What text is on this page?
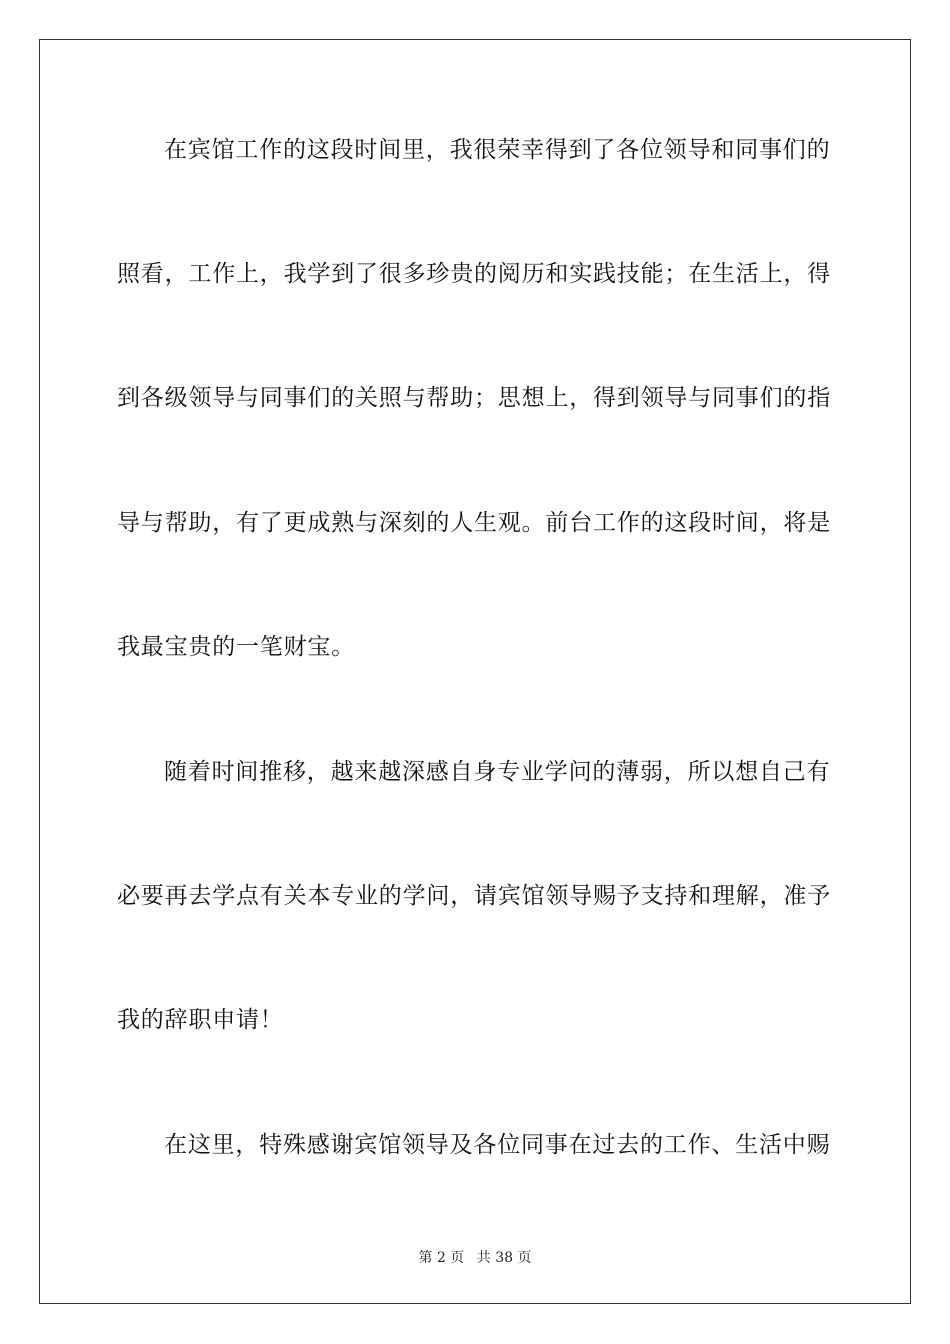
在宾馆工作的这段时间里，我很荣幸得到了各位领导和同事们的
照看，工作上，我学到了很多珍贵的阅历和实践技能；在生活上，得
到各级领导与同事们的关照与帮助；思想上，得到领导与同事们的指
导与帮助，有了更成熟与深刻的人生观。前台工作的这段时间，将是
我最宝贵的一笔财宝。
随着时间推移，越来越深感自身专业学问的薄弱，所以想自己有
必要再去学点有关本专业的学问，请宾馆领导赐予支持和理解，准予
我的辞职申请！
在这里，特殊感谢宾馆领导及各位同事在过去的工作、生活中赐
第 2 页 共 38 页
